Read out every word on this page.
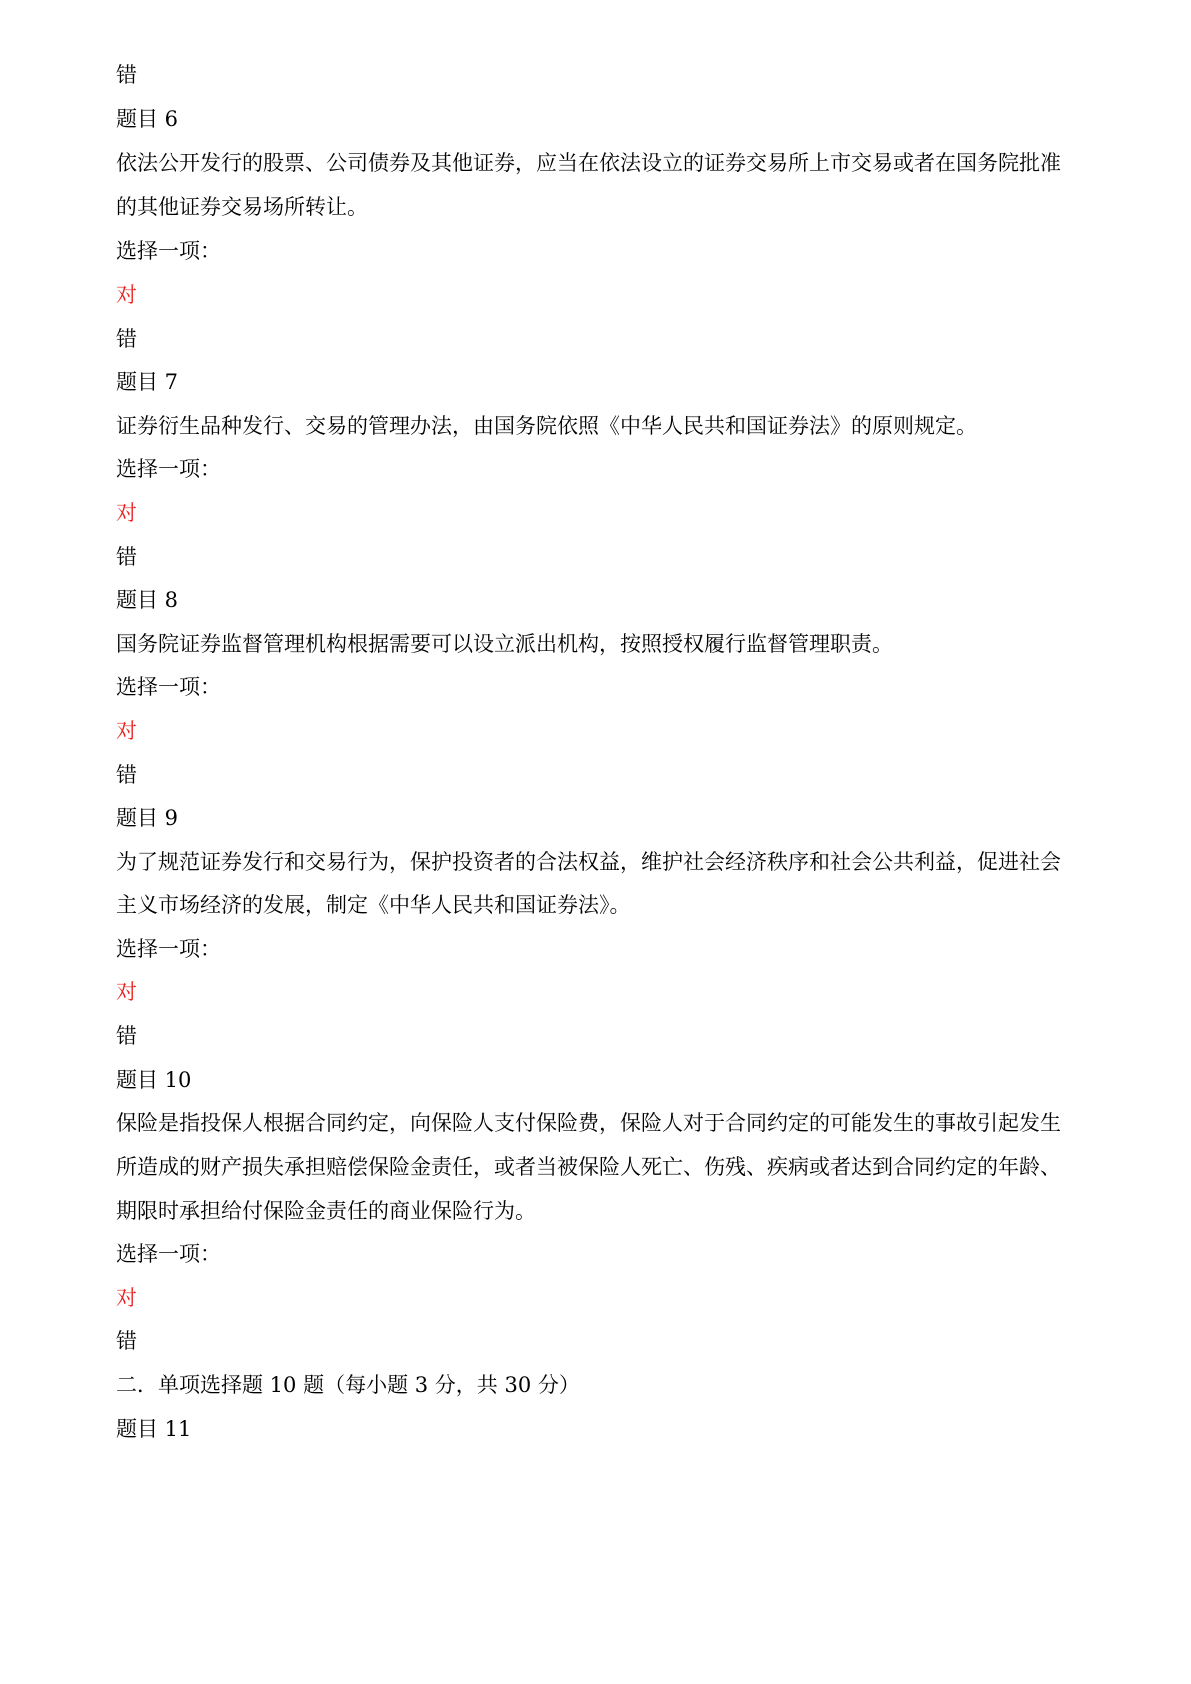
错

题目 6

依法公开发行的股票、公司债券及其他证券，应当在依法设立的证券交易所上市交易或者在国务院批准

的其他证券交易场所转让。

选择一项：

对

错

题目 7

证券衍生品种发行、交易的管理办法，由国务院依照《中华人民共和国证券法》的原则规定。

选择一项：

对

错

题目 8

国务院证券监督管理机构根据需要可以设立派出机构，按照授权履行监督管理职责。

选择一项：

对

错

题目 9

为了规范证券发行和交易行为，保护投资者的合法权益，维护社会经济秩序和社会公共利益，促进社会

主义市场经济的发展，制定《中华人民共和国证券法》。

选择一项：

对

错

题目 10

保险是指投保人根据合同约定，向保险人支付保险费，保险人对于合同约定的可能发生的事故引起发生

所造成的财产损失承担赔偿保险金责任，或者当被保险人死亡、伤残、疾病或者达到合同约定的年龄、

期限时承担给付保险金责任的商业保险行为。

选择一项：

对

错

二．单项选择题 10 题（每小题 3 分，共 30 分）

题目 11
